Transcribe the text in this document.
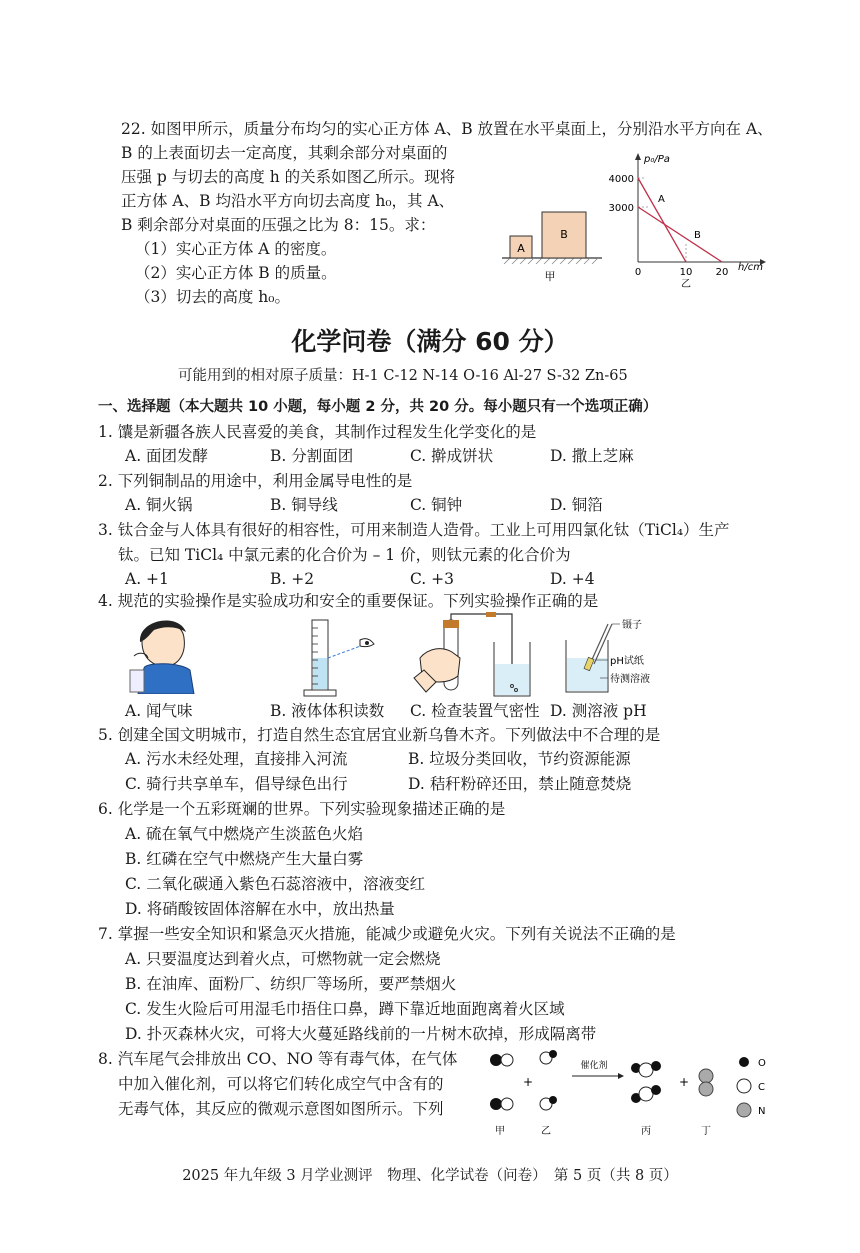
22. 如图甲所示，质量分布均匀的实心正方体 A、B 放置在水平桌面上，分别沿水平方向在 A、
B 的上表面切去一定高度，其剩余部分对桌面的
压强 p 与切去的高度 h 的关系如图乙所示。现将
正方体 A、B 均沿水平方向切去高度 h₀，其 A、
B 剩余部分对桌面的压强之比为 8：15。求：
（1）实心正方体 A 的密度。
（2）实心正方体 B 的质量。
（3）切去的高度 h₀。
A
B
甲
p₀/Pa
h/cm
4000
3000
0	10 20
A
B
乙
化学问卷（满分 60 分）
可能用到的相对原子质量：H-1 C-12 N-14 O-16 Al-27 S-32 Zn-65
一、选择题（本大题共 10 小题，每小题 2 分，共 20 分。每小题只有一个选项正确）
1. 馕是新疆各族人民喜爱的美食，其制作过程发生化学变化的是
A. 面团发酵	B. 分割面团	C. 擀成饼状	D. 撒上芝麻
2. 下列铜制品的用途中，利用金属导电性的是
A. 铜火锅	B. 铜导线	C. 铜钟	D. 铜箔
3. 钛合金与人体具有很好的相容性，可用来制造人造骨。工业上可用四氯化钛（TiCl₄）生产
钛。已知 TiCl₄ 中氯元素的化合价为 – 1 价，则钛元素的化合价为
A. +1	B. +2	C. +3	D. +4
4. 规范的实验操作是实验成功和安全的重要保证。下列实验操作正确的是
A. 闻气味	B. 液体体积读数 C. 检查装置气密性
镊子
pH试纸
待测溶液
D. 测溶液 pH
5. 创建全国文明城市，打造自然生态宜居宜业新乌鲁木齐。下列做法中不合理的是
A. 污水未经处理，直接排入河流	B. 垃圾分类回收，节约资源能源
C. 骑行共享单车，倡导绿色出行	D. 秸秆粉碎还田，禁止随意焚烧
6. 化学是一个五彩斑斓的世界。下列实验现象描述正确的是
A. 硫在氧气中燃烧产生淡蓝色火焰
B. 红磷在空气中燃烧产生大量白雾
C. 二氧化碳通入紫色石蕊溶液中，溶液变红
D. 将硝酸铵固体溶解在水中，放出热量
7. 掌握一些安全知识和紧急灭火措施，能减少或避免火灾。下列有关说法不正确的是
A. 只要温度达到着火点，可燃物就一定会燃烧
B. 在油库、面粉厂、纺织厂等场所，要严禁烟火
C. 发生火险后可用湿毛巾捂住口鼻，蹲下靠近地面跑离着火区域
D. 扑灭森林火灾，可将大火蔓延路线前的一片树木砍掉，形成隔离带
8. 汽车尾气会排放出 CO、NO 等有毒气体，在气体
中加入催化剂，可以将它们转化成空气中含有的
无毒气体，其反应的微观示意图如图所示。下列
甲
+
乙
催化剂
丙
+
丁
O
C
N
2025 年九年级 3 月学业测评　物理、化学试卷（问卷）　第 5 页（共 8 页）
